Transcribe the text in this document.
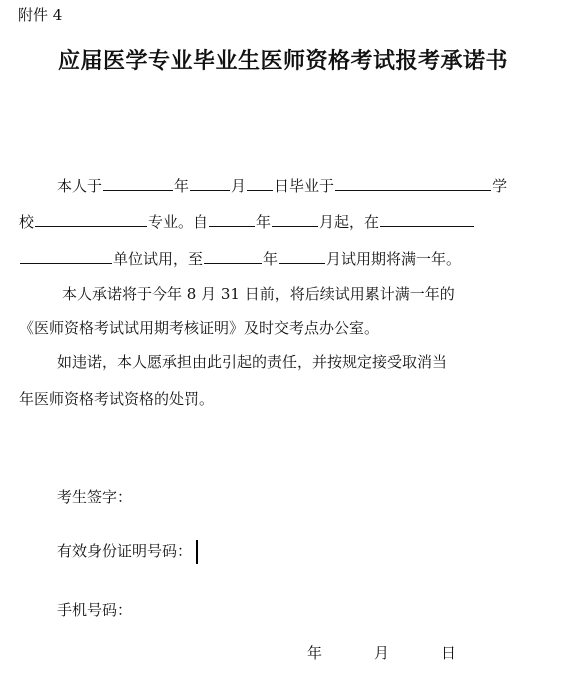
附件 4
应届医学专业毕业生医师资格考试报考承诺书
本人于	年	月 日毕业于	学
校	专业。自	年	月起，在
单位试用，至	年	月试用期将满一年。
本人承诺将于今年 8 月 31 日前，将后续试用累计满一年的
《医师资格考试试用期考核证明》及时交考点办公室。
如违诺，本人愿承担由此引起的责任，并按规定接受取消当
年医师资格考试资格的处罚。
考生签字：
有效身份证明号码：
手机号码：
年	月	日
